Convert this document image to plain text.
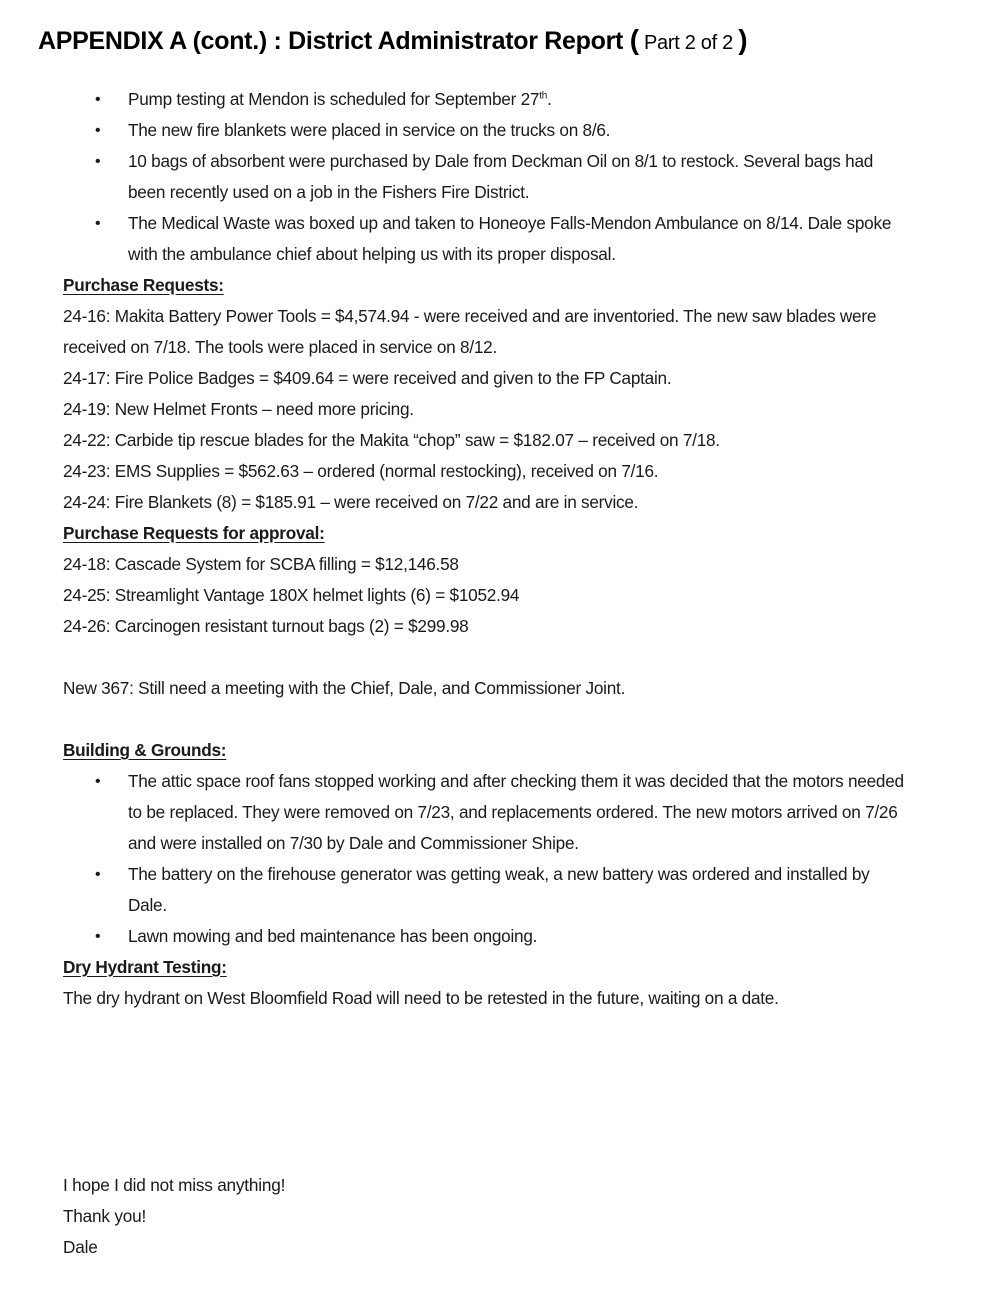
APPENDIX A (cont.) : District Administrator Report ( Part 2 of 2 )
• Pump testing at Mendon is scheduled for September 27th.
• The new fire blankets were placed in service on the trucks on 8/6.
• 10 bags of absorbent were purchased by Dale from Deckman Oil on 8/1 to restock. Several bags had been recently used on a job in the Fishers Fire District.
• The Medical Waste was boxed up and taken to Honeoye Falls-Mendon Ambulance on 8/14. Dale spoke with the ambulance chief about helping us with its proper disposal.
Purchase Requests:
24-16: Makita Battery Power Tools = $4,574.94 - were received and are inventoried. The new saw blades were received on 7/18. The tools were placed in service on 8/12.
24-17: Fire Police Badges = $409.64 = were received and given to the FP Captain.
24-19: New Helmet Fronts – need more pricing.
24-22: Carbide tip rescue blades for the Makita “chop” saw = $182.07 – received on 7/18.
24-23: EMS Supplies = $562.63 – ordered (normal restocking), received on 7/16.
24-24: Fire Blankets (8) = $185.91 – were received on 7/22 and are in service.
Purchase Requests for approval:
24-18: Cascade System for SCBA filling = $12,146.58
24-25: Streamlight Vantage 180X helmet lights (6) = $1052.94
24-26: Carcinogen resistant turnout bags (2) = $299.98
New 367: Still need a meeting with the Chief, Dale, and Commissioner Joint.
Building & Grounds:
• The attic space roof fans stopped working and after checking them it was decided that the motors needed to be replaced. They were removed on 7/23, and replacements ordered. The new motors arrived on 7/26 and were installed on 7/30 by Dale and Commissioner Shipe.
• The battery on the firehouse generator was getting weak, a new battery was ordered and installed by Dale.
• Lawn mowing and bed maintenance has been ongoing.
Dry Hydrant Testing:
The dry hydrant on West Bloomfield Road will need to be retested in the future, waiting on a date.
I hope I did not miss anything!
Thank you!
Dale
